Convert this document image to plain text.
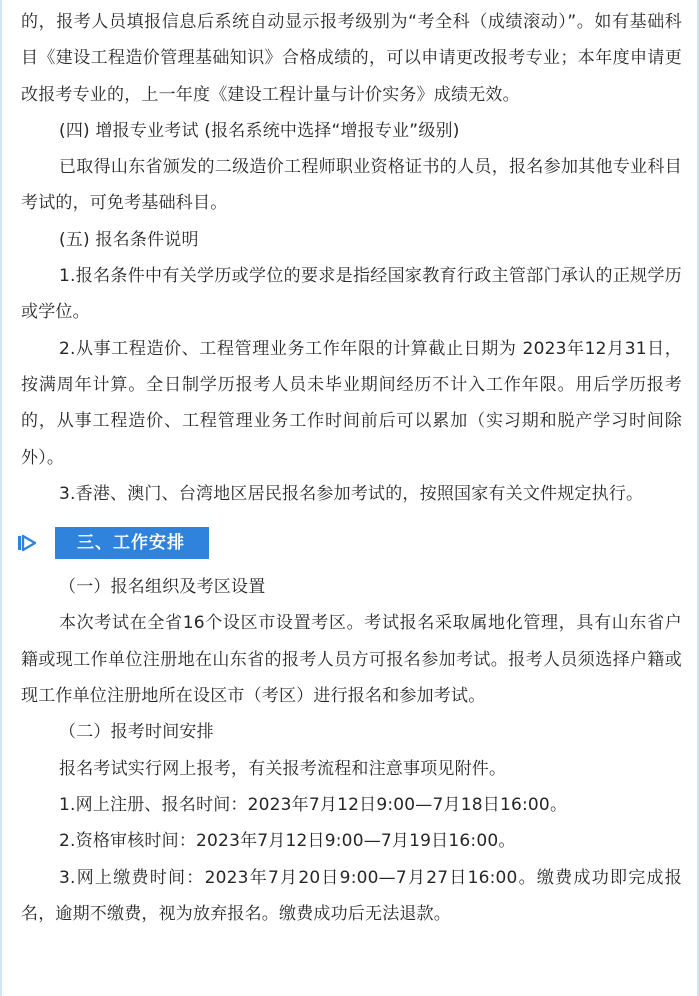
的，报考人员填报信息后系统自动显示报考级别为“考全科（成绩滚动）”。如有基础科目《建设工程造价管理基础知识》合格成绩的，可以申请更改报考专业；本年度申请更改报考专业的，上一年度《建设工程计量与计价实务》成绩无效。

(四) 增报专业考试 (报名系统中选择“增报专业”级别)

已取得山东省颁发的二级造价工程师职业资格证书的人员，报名参加其他专业科目考试的，可免考基础科目。

(五) 报名条件说明

1.报名条件中有关学历或学位的要求是指经国家教育行政主管部门承认的正规学历或学位。

2.从事工程造价、工程管理业务工作年限的计算截止日期为 2023年12月31日，按满周年计算。全日制学历报考人员未毕业期间经历不计入工作年限。用后学历报考的，从事工程造价、工程管理业务工作时间前后可以累加（实习期和脱产学习时间除外）。

3.香港、澳门、台湾地区居民报名参加考试的，按照国家有关文件规定执行。

三、工作安排

（一）报名组织及考区设置

本次考试在全省16个设区市设置考区。考试报名采取属地化管理，具有山东省户籍或现工作单位注册地在山东省的报考人员方可报名参加考试。报考人员须选择户籍或现工作单位注册地所在设区市（考区）进行报名和参加考试。

（二）报考时间安排

报名考试实行网上报考，有关报考流程和注意事项见附件。

1.网上注册、报名时间：2023年7月12日9:00—7月18日16:00。

2.资格审核时间：2023年7月12日9:00—7月19日16:00。

3.网上缴费时间：2023年7月20日9:00—7月27日16:00。缴费成功即完成报名，逾期不缴费，视为放弃报名。缴费成功后无法退款。
